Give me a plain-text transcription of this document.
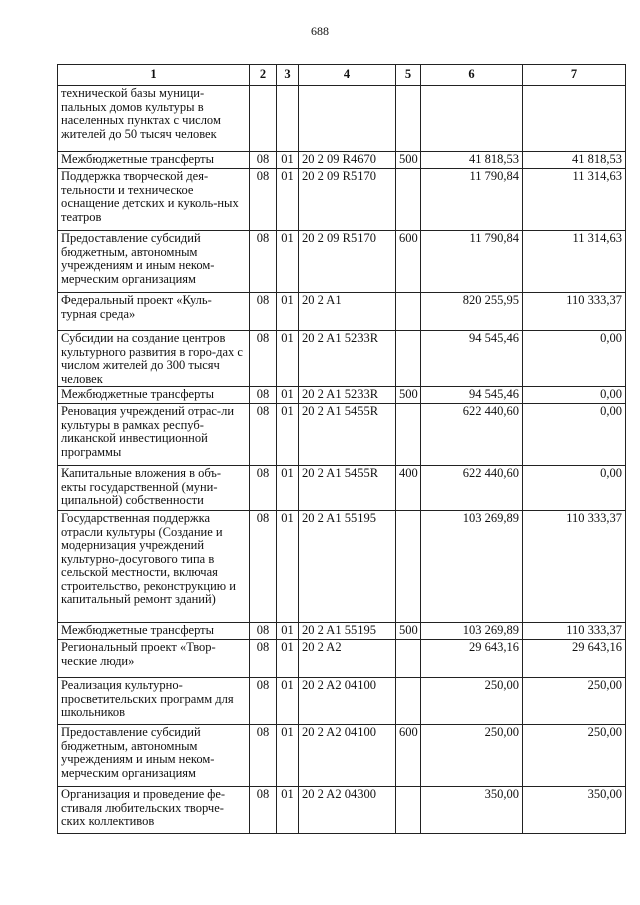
688
1	2	3	4	5	6	7
технической базы муници-пальных домов культуры в населенных пунктах с числом жителей до 50 тысяч человек						
Межбюджетные трансферты	08	01	20 2 09 R4670	500	41 818,53	41 818,53
Поддержка творческой дея-тельности и техническое оснащение детских и куколь-ных театров	08	01	20 2 09 R5170		11 790,84	11 314,63
Предоставление субсидий бюджетным, автономным учреждениям и иным неком-мерческим организациям	08	01	20 2 09 R5170	600	11 790,84	11 314,63
Федеральный проект «Куль-турная среда»	08	01	20 2 A1		820 255,95	110 333,37
Субсидии на создание центров культурного развития в горо-дах с числом жителей до 300 тысяч человек	08	01	20 2 A1 5233R		94 545,46	0,00
Межбюджетные трансферты	08	01	20 2 A1 5233R	500	94 545,46	0,00
Реновация учреждений отрас-ли культуры в рамках респуб-ликанской инвестиционной программы	08	01	20 2 A1 5455R		622 440,60	0,00
Капитальные вложения в объ-екты государственной (муни-ципальной) собственности	08	01	20 2 A1 5455R	400	622 440,60	0,00
Государственная поддержка отрасли культуры (Создание и модернизация учреждений культурно-досугового типа в сельской местности, включая строительство, реконструкцию и капитальный ремонт зданий)	08	01	20 2 A1 55195		103 269,89	110 333,37
Межбюджетные трансферты	08	01	20 2 A1 55195	500	103 269,89	110 333,37
Региональный проект «Твор-ческие люди»	08	01	20 2 A2		29 643,16	29 643,16
Реализация культурно-просветительских программ для школьников	08	01	20 2 A2 04100		250,00	250,00
Предоставление субсидий бюджетным, автономным учреждениям и иным неком-мерческим организациям	08	01	20 2 A2 04100	600	250,00	250,00
Организация и проведение фе-стиваля любительских творче-ских коллективов	08	01	20 2 A2 04300		350,00	350,00
